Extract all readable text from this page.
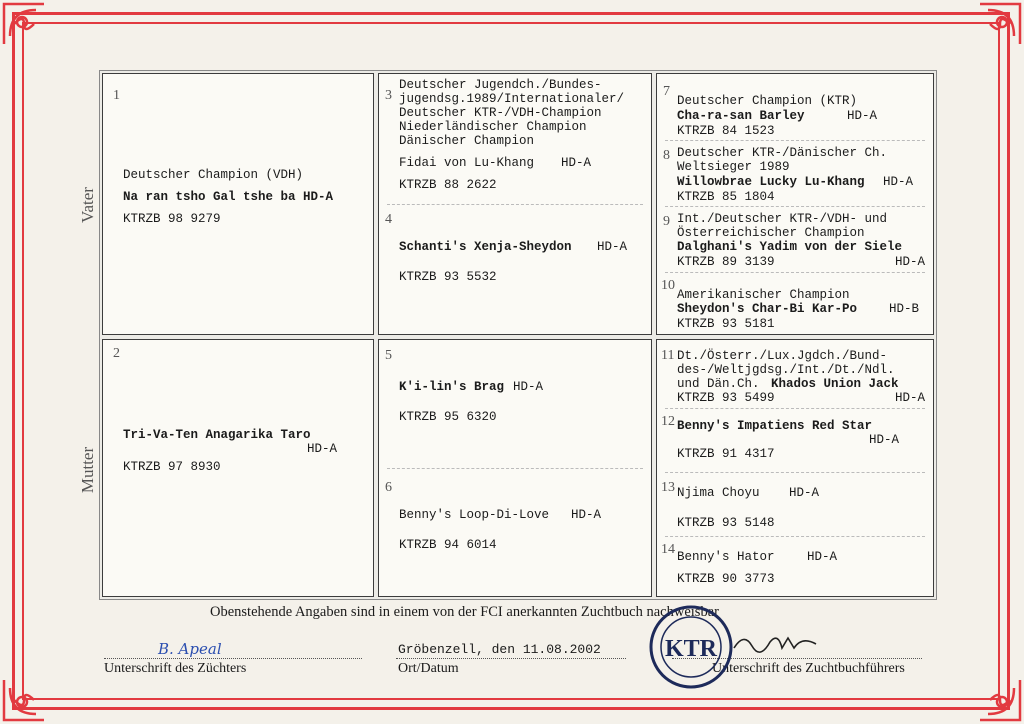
Vater
Mutter
1
Deutscher Champion (VDH)
Na ran tsho Gal tshe ba HD-A
KTRZB 98 9279
2
Tri-Va-Ten Anagarika Taro
HD-A
KTRZB 97 8930
3
Deutscher Jugendch./Bundes-
jugendsg.1989/Internationaler/
Deutscher KTR-/VDH-Champion
Niederländischer Champion
Dänischer Champion
Fidai von Lu-Khang HD-A
KTRZB 88 2622
4
Schanti's Xenja-Sheydon HD-A
KTRZB 93 5532
5
K'i-lin's Brag HD-A
KTRZB 95 6320
6
Benny's Loop-Di-Love HD-A
KTRZB 94 6014
7
Deutscher Champion (KTR)
Cha-ra-san Barley	HD-A
KTRZB 84 1523
8 Deutscher KTR-/Dänischer Ch.
Weltsieger 1989
Willowbrae Lucky Lu-Khang HD-A
KTRZB 85 1804
9 Int./Deutscher KTR-/VDH- und
Österreichischer Champion
Dalghani's Yadim von der Siele
KTRZB 89 3139	HD-A
10
Amerikanischer Champion
Sheydon's Char-Bi Kar-Po	HD-B
KTRZB 93 5181
11 Dt./Österr./Lux.Jgdch./Bund-
des-/Weltjgdsg./Int./Dt./Ndl.
und Dän.Ch. Khados Union Jack
KTRZB 93 5499	HD-A
12 Benny's Impatiens Red Star
HD-A
KTRZB 91 4317
13 Njima Choyu HD-A
KTRZB 93 5148
14 Benny's Hator	HD-A
KTRZB 90 3773
Obenstehende Angaben sind in einem von der FCI anerkannten Zuchtbuch nachweisbar
B. Apeal
Unterschrift des Züchters
Gröbenzell, den 11.08.2002
Ort/Datum	Unterschrift des Zuchtbuchführers
KTR
